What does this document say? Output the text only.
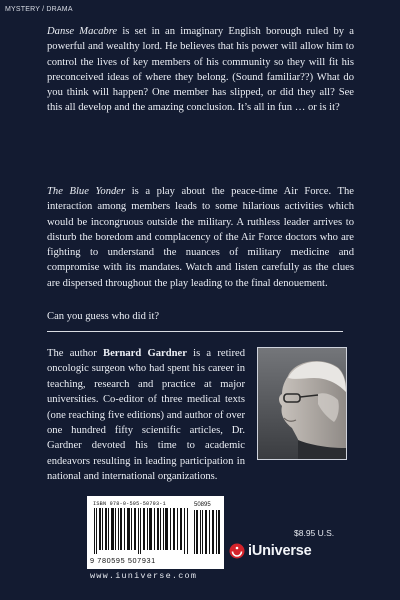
MYSTERY / DRAMA

Danse Macabre is set in an imaginary English borough ruled by a powerful and wealthy lord. He believes that his power will allow him to control the lives of key members of his community so they will fit his preconceived ideas of where they belong. (Sound familiar??) What do you think will happen? One member has slipped, or did they all? See this all develop and the amazing conclusion. It’s all in fun … or is it?

The Blue Yonder is a play about the peace-time Air Force. The interaction among members leads to some hilarious activities which would be incongruous outside the military. A ruthless leader arrives to disturb the boredom and complacency of the Air Force doctors who are fighting to understand the nuances of military medicine and compromise with its mandates. Watch and listen carefully as the clues are dispersed throughout the play leading to the final denouement.

Can you guess who did it?

The author Bernard Gardner is a retired oncologic surgeon who had spent his career in teaching, research and practice at major universities. Co-editor of three medical texts (one reaching five editions) and author of over one hundred fifty scientific articles, Dr. Gardner devoted his time to academic endeavors resulting in leading participation in national and international organizations.

ISBN 978-0-595-50793-1	50895
9 780595 507931
www.iuniverse.com
$8.95 U.S.
iUniverse
